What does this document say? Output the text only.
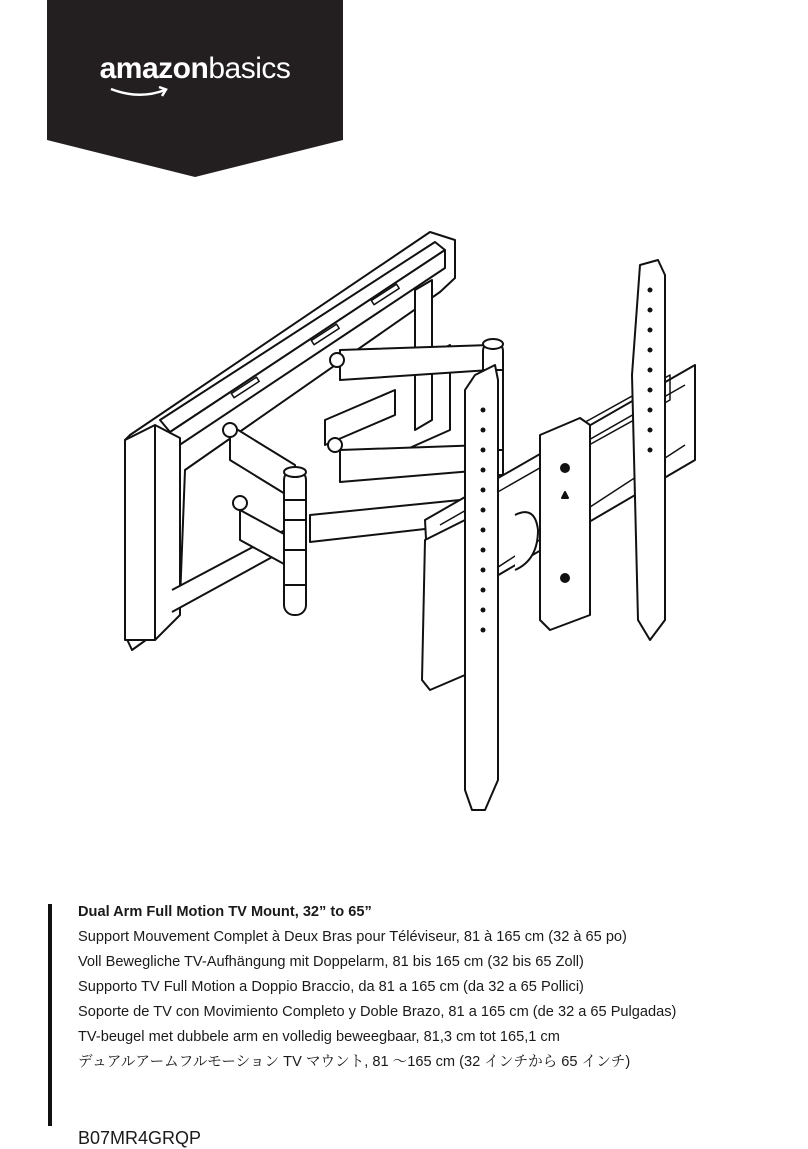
amazonbasics
Dual Arm Full Motion TV Mount, 32” to 65”
Support Mouvement Complet à Deux Bras pour Téléviseur, 81 à 165 cm (32 à 65 po)
Voll Bewegliche TV-Aufhängung mit Doppelarm, 81 bis 165 cm (32 bis 65 Zoll)
Supporto TV Full Motion a Doppio Braccio, da 81 a 165 cm (da 32 a 65 Pollici)
Soporte de TV con Movimiento Completo y Doble Brazo, 81 a 165 cm (de 32 a 65 Pulgadas)
TV-beugel met dubbele arm en volledig beweegbaar, 81,3 cm tot 165,1 cm
デュアルアームフルモーション TV マウント, 81 〜165 cm (32 インチから 65 インチ)
B07MR4GRQP
